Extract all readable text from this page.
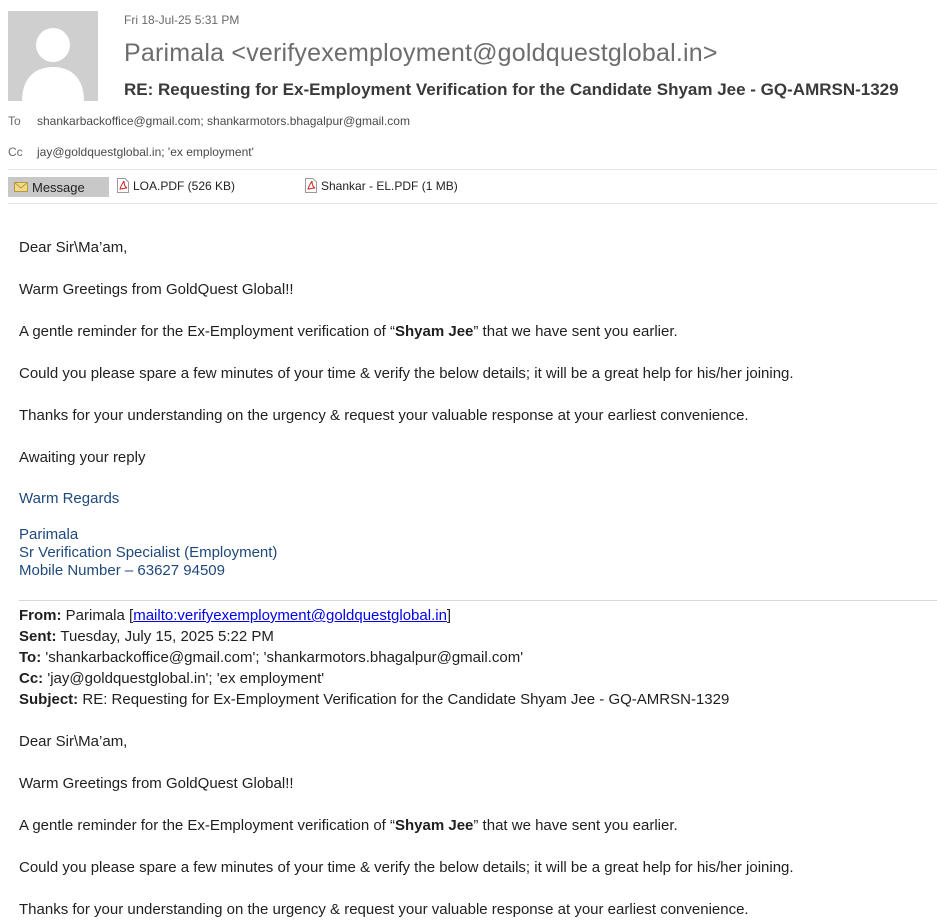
Fri 18-Jul-25 5:31 PM
Parimala <verifyexemployment@goldquestglobal.in>
RE: Requesting for Ex-Employment Verification for the Candidate Shyam Jee - GQ-AMRSN-1329
To shankarbackoffice@gmail.com; shankarmotors.bhagalpur@gmail.com
Cc jay@goldquestglobal.in; 'ex employment'
Message	LOA.PDF (526 KB)	Shankar - EL.PDF (1 MB)
Dear Sir\Ma’am,
Warm Greetings from GoldQuest Global!!
A gentle reminder for the Ex-Employment verification of “Shyam Jee” that we have sent you earlier.
Could you please spare a few minutes of your time & verify the below details; it will be a great help for his/her joining.
Thanks for your understanding on the urgency & request your valuable response at your earliest convenience.
Awaiting your reply
Warm Regards
Parimala
Sr Verification Specialist (Employment)
Mobile Number – 63627 94509
From: Parimala [mailto:verifyexemployment@goldquestglobal.in]
Sent: Tuesday, July 15, 2025 5:22 PM
To: 'shankarbackoffice@gmail.com'; 'shankarmotors.bhagalpur@gmail.com'
Cc: 'jay@goldquestglobal.in'; 'ex employment'
Subject: RE: Requesting for Ex-Employment Verification for the Candidate Shyam Jee - GQ-AMRSN-1329
Dear Sir\Ma’am,
Warm Greetings from GoldQuest Global!!
A gentle reminder for the Ex-Employment verification of “Shyam Jee” that we have sent you earlier.
Could you please spare a few minutes of your time & verify the below details; it will be a great help for his/her joining.
Thanks for your understanding on the urgency & request your valuable response at your earliest convenience.
